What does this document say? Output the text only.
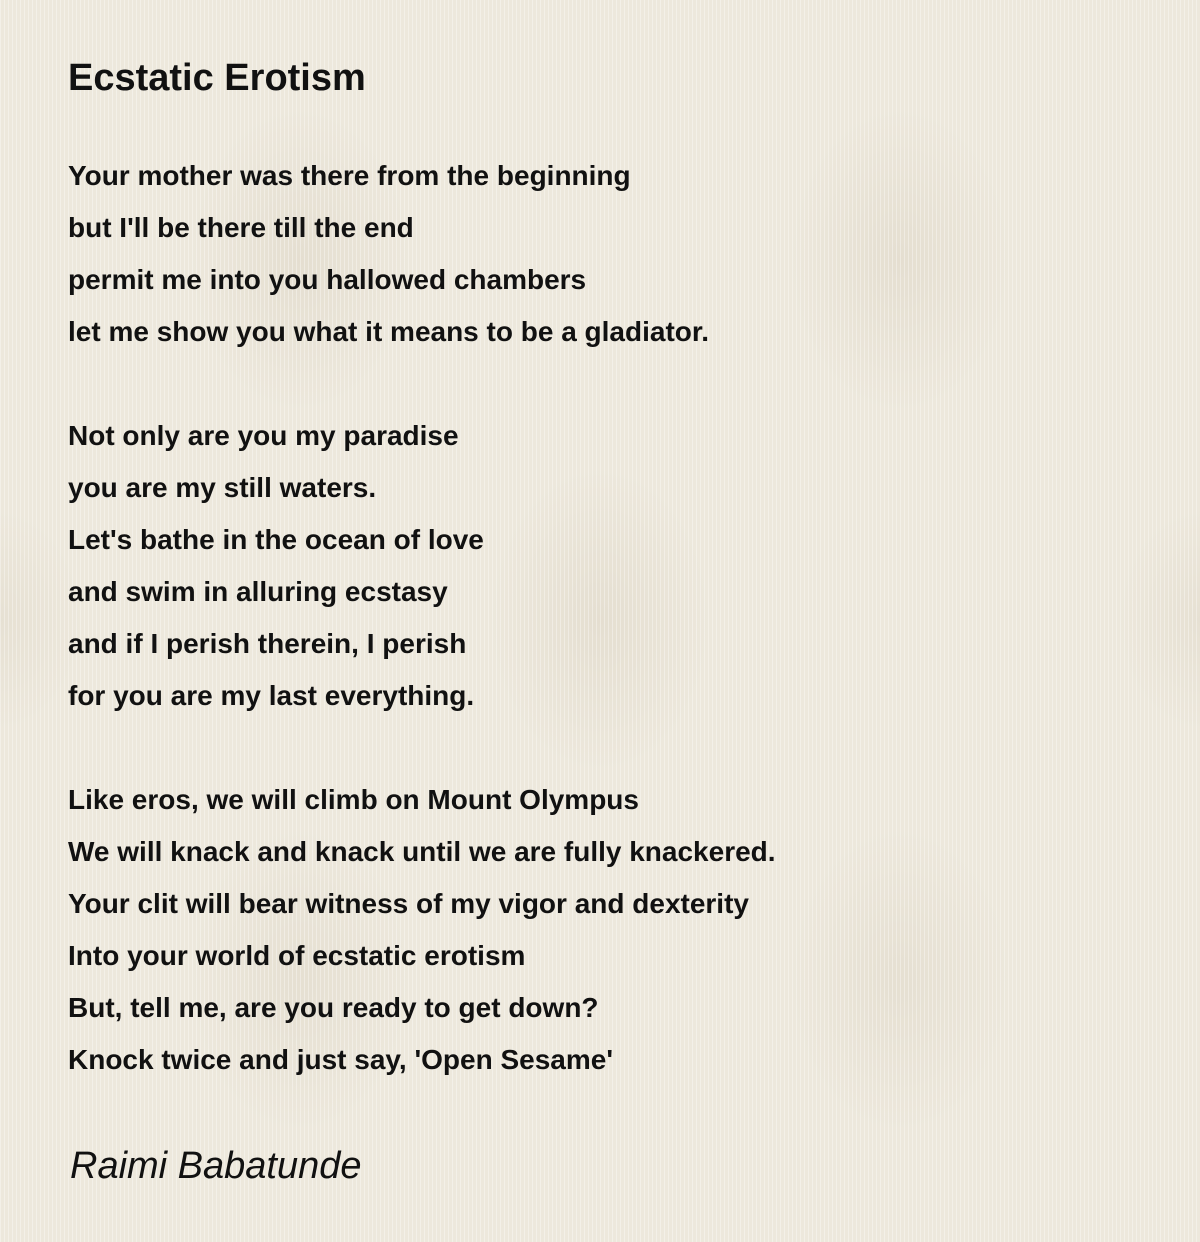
Ecstatic Erotism
Your mother was there from the beginning
but I'll be there till the end
permit me into you hallowed chambers
let me show you what it means to be a gladiator.
Not only are you my paradise
you are my still waters.
Let's bathe in the ocean of love
and swim in alluring ecstasy
and if I perish therein, I perish
for you are my last everything.
Like eros, we will climb on Mount Olympus
We will knack and knack until we are fully knackered.
Your clit will bear witness of my vigor and dexterity
Into your world of ecstatic erotism
But, tell me, are you ready to get down?
Knock twice and just say, 'Open Sesame'
Raimi Babatunde
